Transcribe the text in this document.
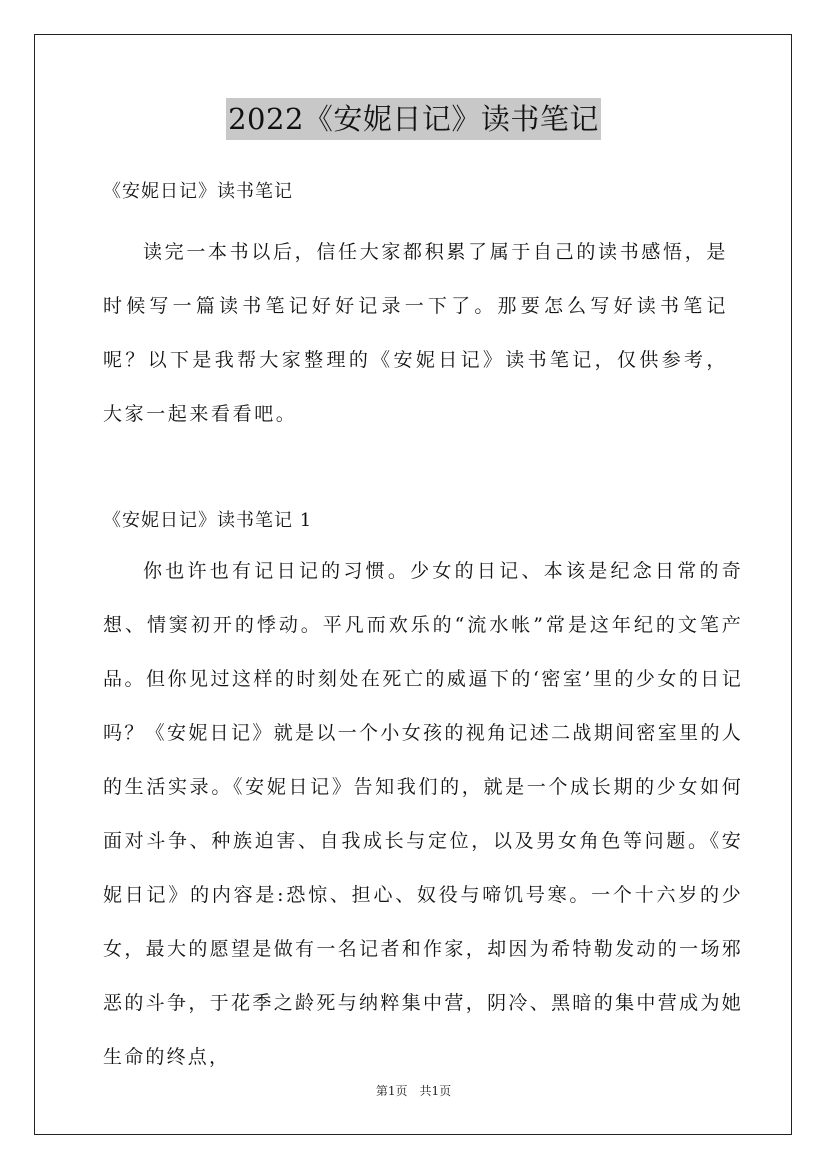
2022《安妮日记》读书笔记

《安妮日记》读书笔记

读完一本书以后，信任大家都积累了属于自己的读书感悟，是时候写一篇读书笔记好好记录一下了。那要怎么写好读书笔记呢？以下是我帮大家整理的《安妮日记》读书笔记，仅供参考，大家一起来看看吧。

《安妮日记》读书笔记 1

你也许也有记日记的习惯。少女的日记、本该是纪念日常的奇想、情窦初开的悸动。平凡而欢乐的“流水帐”常是这年纪的文笔产品。但你见过这样的时刻处在死亡的威逼下的‘密室’里的少女的日记吗？《安妮日记》就是以一个小女孩的视角记述二战期间密室里的人的生活实录。《安妮日记》告知我们的，就是一个成长期的少女如何面对斗争、种族迫害、自我成长与定位，以及男女角色等问题。《安妮日记》的内容是:恐惊、担心、奴役与啼饥号寒。一个十六岁的少女，最大的愿望是做有一名记者和作家，却因为希特勒发动的一场邪恶的斗争，于花季之龄死与纳粹集中营，阴冷、黑暗的集中营成为她生命的终点，

第1页　共1页
